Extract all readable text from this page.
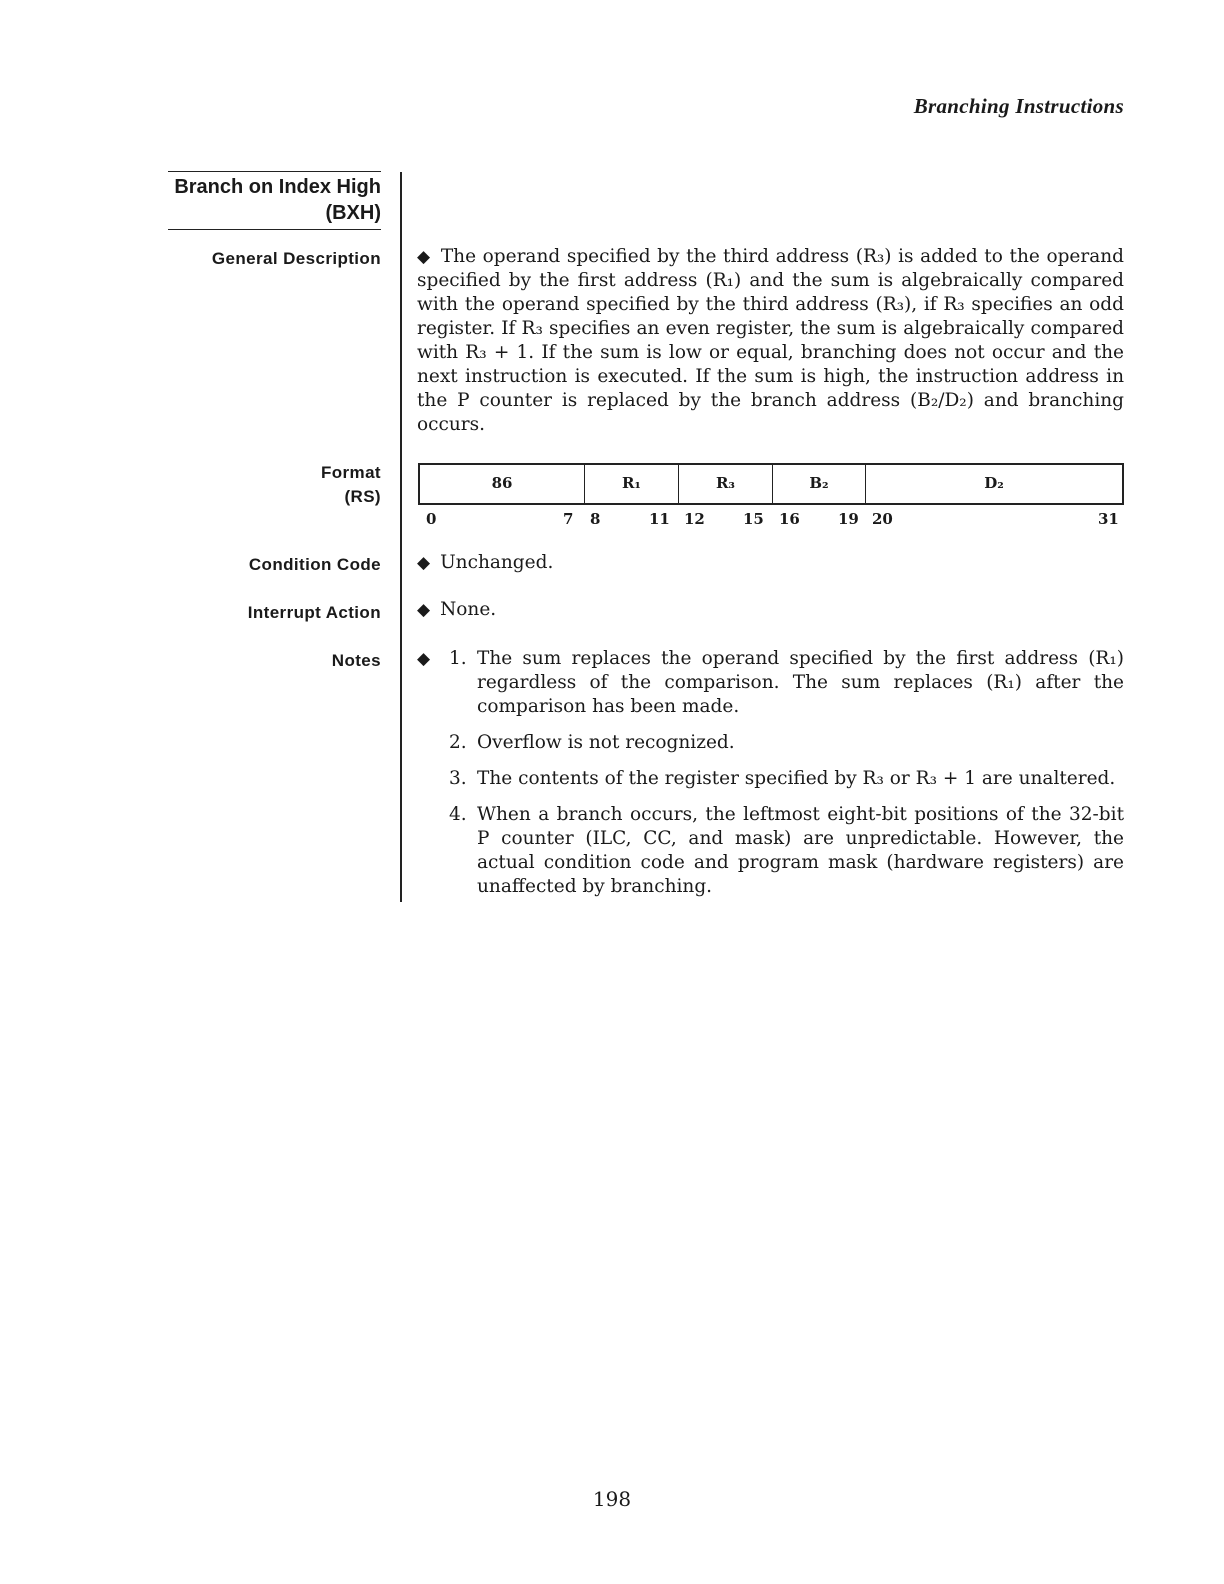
Branching Instructions
Branch on Index High
(BXH)
General Description ◆ The operand specified by the third address (R₃) is added to the operand specified by the first address (R₁) and the sum is algebraically compared with the operand specified by the third address (R₃), if R₃ specifies an odd register. If R₃ specifies an even register, the sum is algebraically compared with R₃ + 1. If the sum is low or equal, branching does not occur and the next instruction is executed. If the sum is high, the instruction address in the P counter is replaced by the branch address (B₂/D₂) and branching occurs.
Format
(RS)
86	R₁	R₃	B₂	D₂
0	7 8	11 12	15 16	19 20	31
Condition Code ◆ Unchanged.
Interrupt Action ◆ None.
Notes ◆ 1. The sum replaces the operand specified by the first address (R₁) regardless of the comparison. The sum replaces (R₁) after the comparison has been made.
2. Overflow is not recognized.
3. The contents of the register specified by R₃ or R₃ + 1 are unaltered.
4. When a branch occurs, the leftmost eight-bit positions of the 32-bit P counter (ILC, CC, and mask) are unpredictable. However, the actual condition code and program mask (hardware registers) are unaffected by branching.
198
